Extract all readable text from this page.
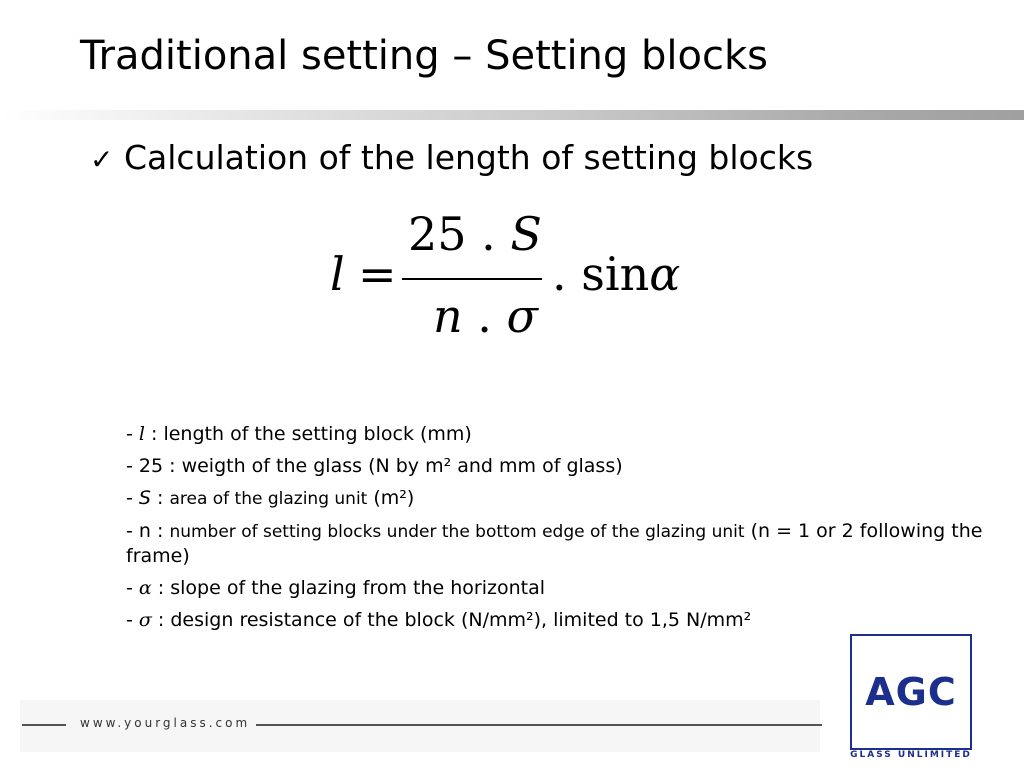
Traditional setting – Setting blocks
✓ Calculation of the length of setting blocks
l =
25 . S
n . σ
. sinα
- l : length of the setting block (mm)
- 25 : weigth of the glass (N by m² and mm of glass)
- S : area of the glazing unit (m²)
- n : number of setting blocks under the bottom edge of the glazing unit (n = 1 or 2 following the frame)
- α : slope of the glazing from the horizontal
- σ : design resistance of the block (N/mm²), limited to 1,5 N/mm²
www.yourglass.com
AGC
GLASS UNLIMITED
